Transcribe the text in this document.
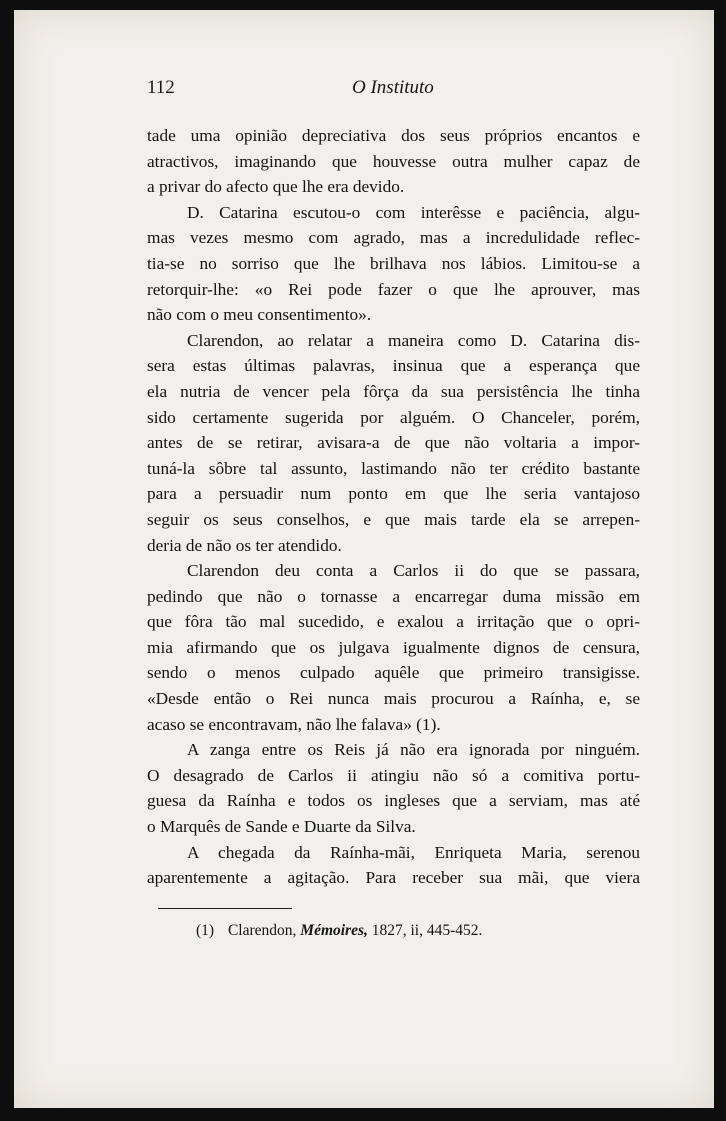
112	O Instituto
tade uma opinião depreciativa dos seus próprios encantos e
atractivos, imaginando que houvesse outra mulher capaz de
a privar do afecto que lhe era devido.
D. Catarina escutou-o com interêsse e paciência, algu-
mas vezes mesmo com agrado, mas a incredulidade reflec-
tia-se no sorriso que lhe brilhava nos lábios. Limitou-se a
retorquir-lhe: «o Rei pode fazer o que lhe aprouver, mas
não com o meu consentimento».
Clarendon, ao relatar a maneira como D. Catarina dis-
sera estas últimas palavras, insinua que a esperança que
ela nutria de vencer pela fôrça da sua persistência lhe tinha
sido certamente sugerida por alguém. O Chanceler, porém,
antes de se retirar, avisara-a de que não voltaria a impor-
tuná-la sôbre tal assunto, lastimando não ter crédito bastante
para a persuadir num ponto em que lhe seria vantajoso
seguir os seus conselhos, e que mais tarde ela se arrepen-
deria de não os ter atendido.
Clarendon deu conta a Carlos ii do que se passara,
pedindo que não o tornasse a encarregar duma missão em
que fôra tão mal sucedido, e exalou a irritação que o opri-
mia afirmando que os julgava igualmente dignos de censura,
sendo o menos culpado aquêle que primeiro transigisse.
«Desde então o Rei nunca mais procurou a Raínha, e, se
acaso se encontravam, não lhe falava» (1).
A zanga entre os Reis já não era ignorada por ninguém.
O desagrado de Carlos ii atingiu não só a comitiva portu-
guesa da Raínha e todos os ingleses que a serviam, mas até
o Marquês de Sande e Duarte da Silva.
A chegada da Raínha-mãi, Enriqueta Maria, serenou
aparentemente a agitação. Para receber sua mãi, que viera
(1) Clarendon, Mémoires, 1827, ii, 445-452.
